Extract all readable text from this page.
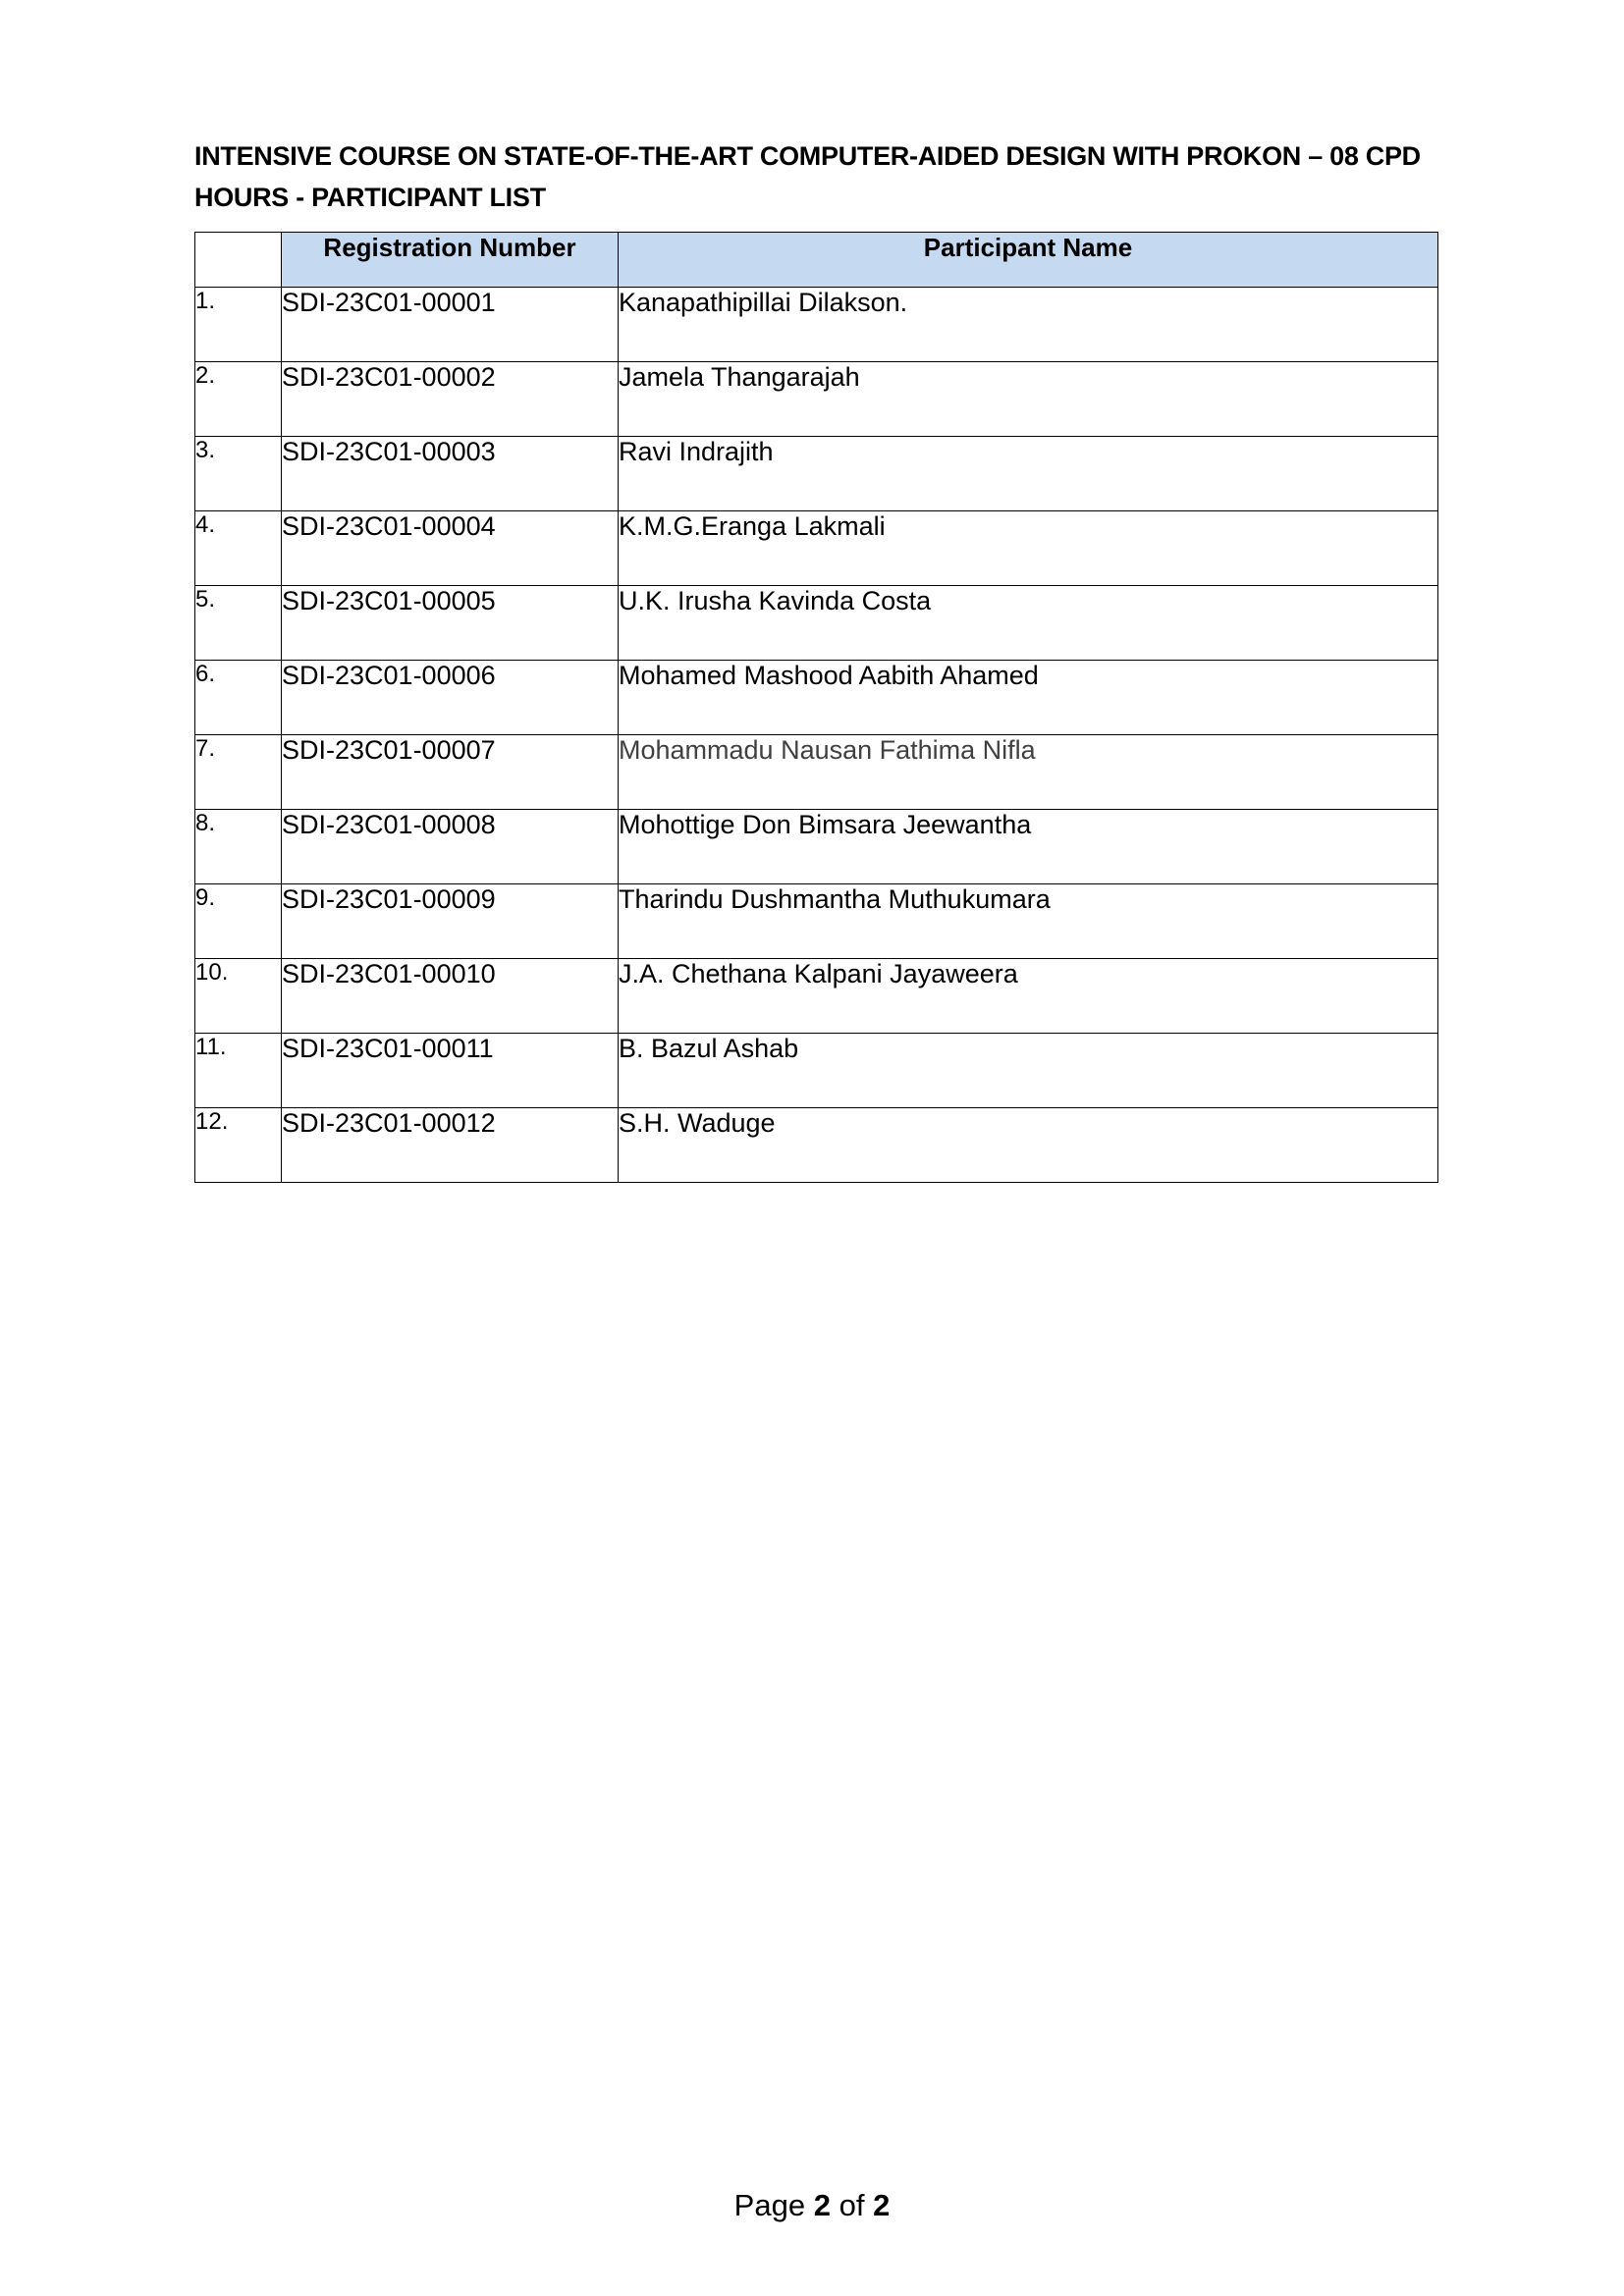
INTENSIVE COURSE ON STATE-OF-THE-ART COMPUTER-AIDED DESIGN WITH PROKON – 08 CPD
HOURS - PARTICIPANT LIST
	Registration Number	Participant Name
1.	SDI-23C01-00001	Kanapathipillai Dilakson.
2.	SDI-23C01-00002	Jamela Thangarajah
3.	SDI-23C01-00003	Ravi Indrajith
4.	SDI-23C01-00004	K.M.G.Eranga Lakmali
5.	SDI-23C01-00005	U.K. Irusha Kavinda Costa
6.	SDI-23C01-00006	Mohamed Mashood Aabith Ahamed
7.	SDI-23C01-00007	Mohammadu Nausan Fathima Nifla
8.	SDI-23C01-00008	Mohottige Don Bimsara Jeewantha
9.	SDI-23C01-00009	Tharindu Dushmantha Muthukumara
10.	SDI-23C01-00010	J.A. Chethana Kalpani Jayaweera
11.	SDI-23C01-00011	B. Bazul Ashab
12.	SDI-23C01-00012	S.H. Waduge
Page 2 of 2
